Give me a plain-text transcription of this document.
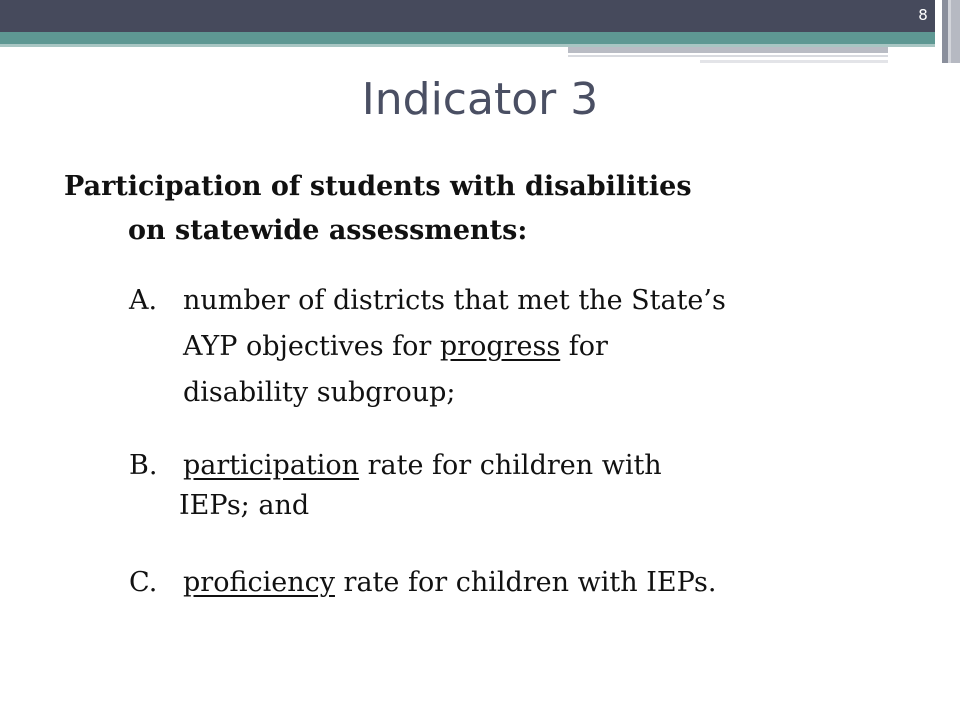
8
Indicator 3
Participation of students with disabilities
on statewide assessments:
A. number of districts that met the State’s
AYP objectives for progress for
disability subgroup;
B. participation rate for children with
IEPs; and
C. proficiency rate for children with IEPs.
